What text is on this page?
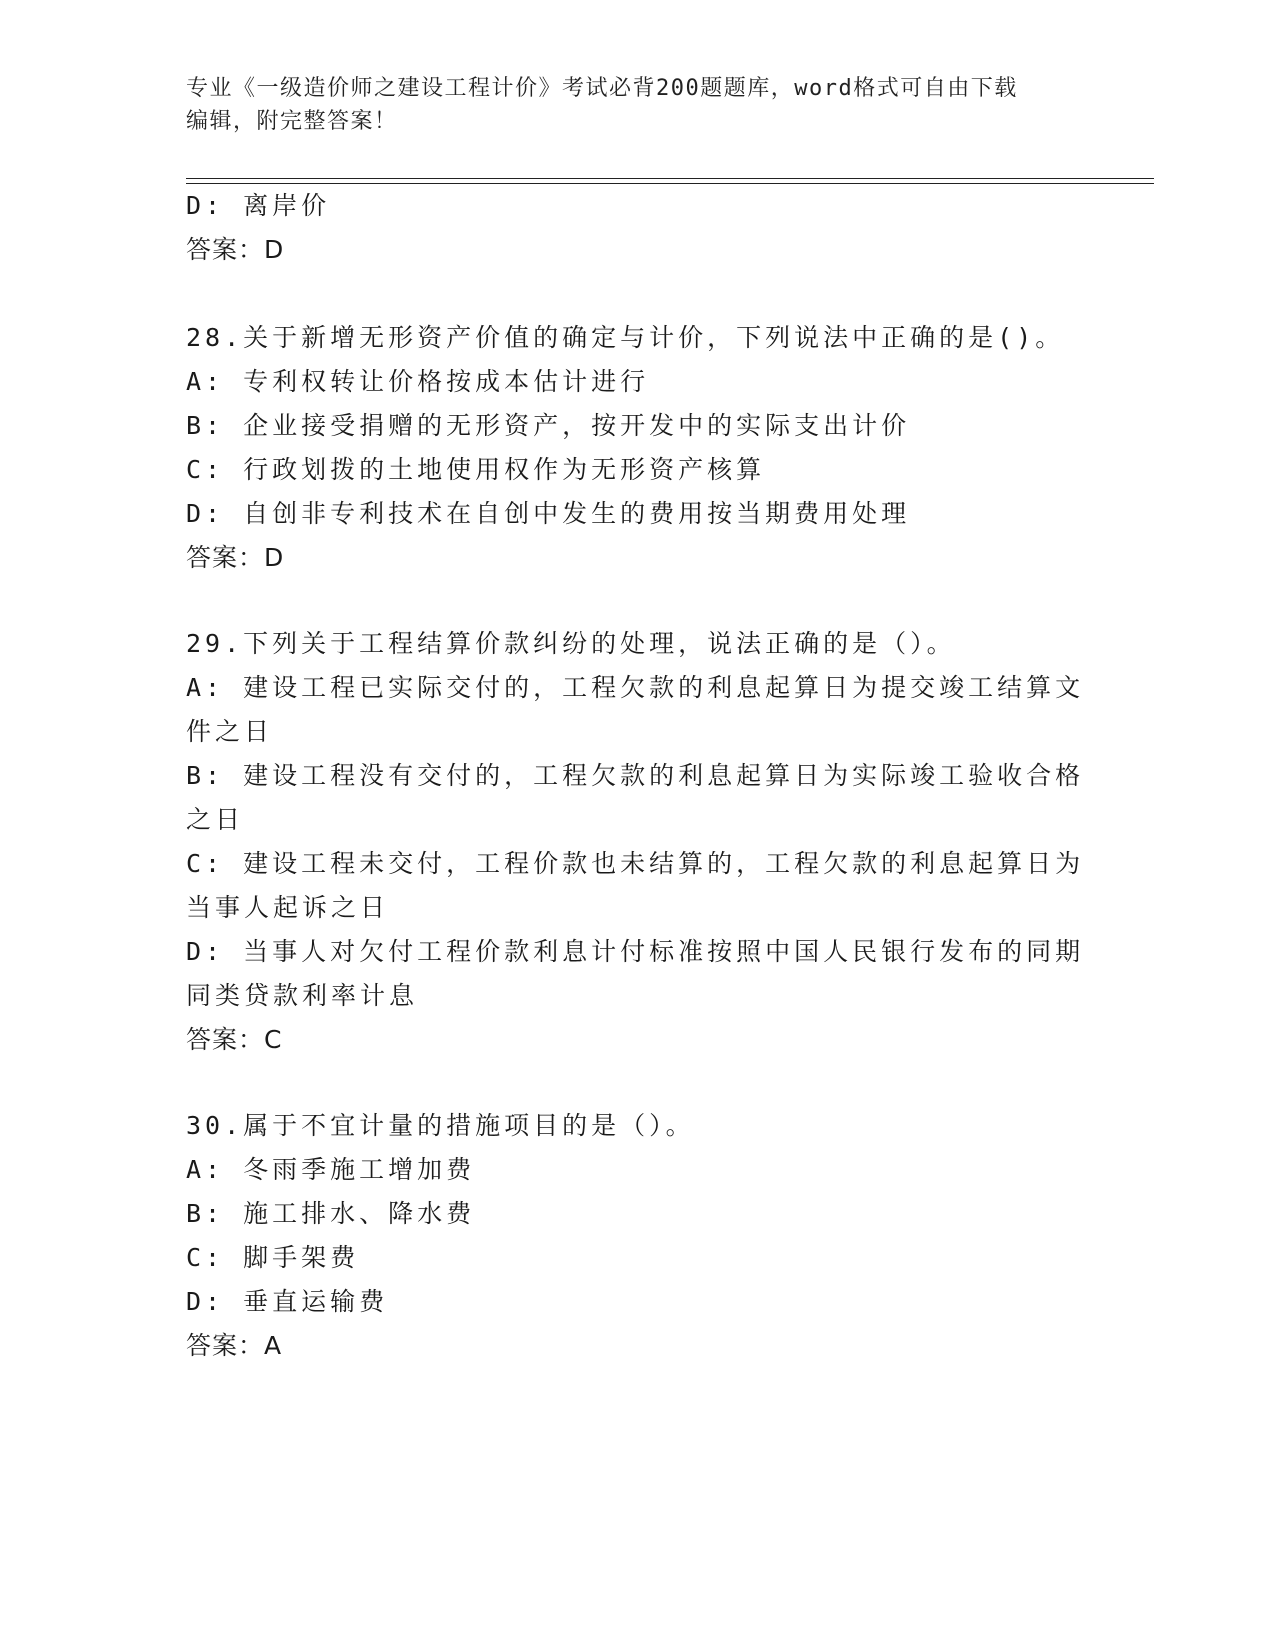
专业《一级造价师之建设工程计价》考试必背200题题库，word格式可自由下载
编辑，附完整答案！
D: 离岸价
答案：D
28.关于新增无形资产价值的确定与计价，下列说法中正确的是()。
A: 专利权转让价格按成本估计进行
B: 企业接受捐赠的无形资产，按开发中的实际支出计价
C: 行政划拨的土地使用权作为无形资产核算
D: 自创非专利技术在自创中发生的费用按当期费用处理
答案：D
29.下列关于工程结算价款纠纷的处理，说法正确的是（）。
A: 建设工程已实际交付的，工程欠款的利息起算日为提交竣工结算文
件之日
B: 建设工程没有交付的，工程欠款的利息起算日为实际竣工验收合格
之日
C: 建设工程未交付，工程价款也未结算的，工程欠款的利息起算日为
当事人起诉之日
D: 当事人对欠付工程价款利息计付标准按照中国人民银行发布的同期
同类贷款利率计息
答案：C
30.属于不宜计量的措施项目的是（）。
A: 冬雨季施工增加费
B: 施工排水、降水费
C: 脚手架费
D: 垂直运输费
答案：A
